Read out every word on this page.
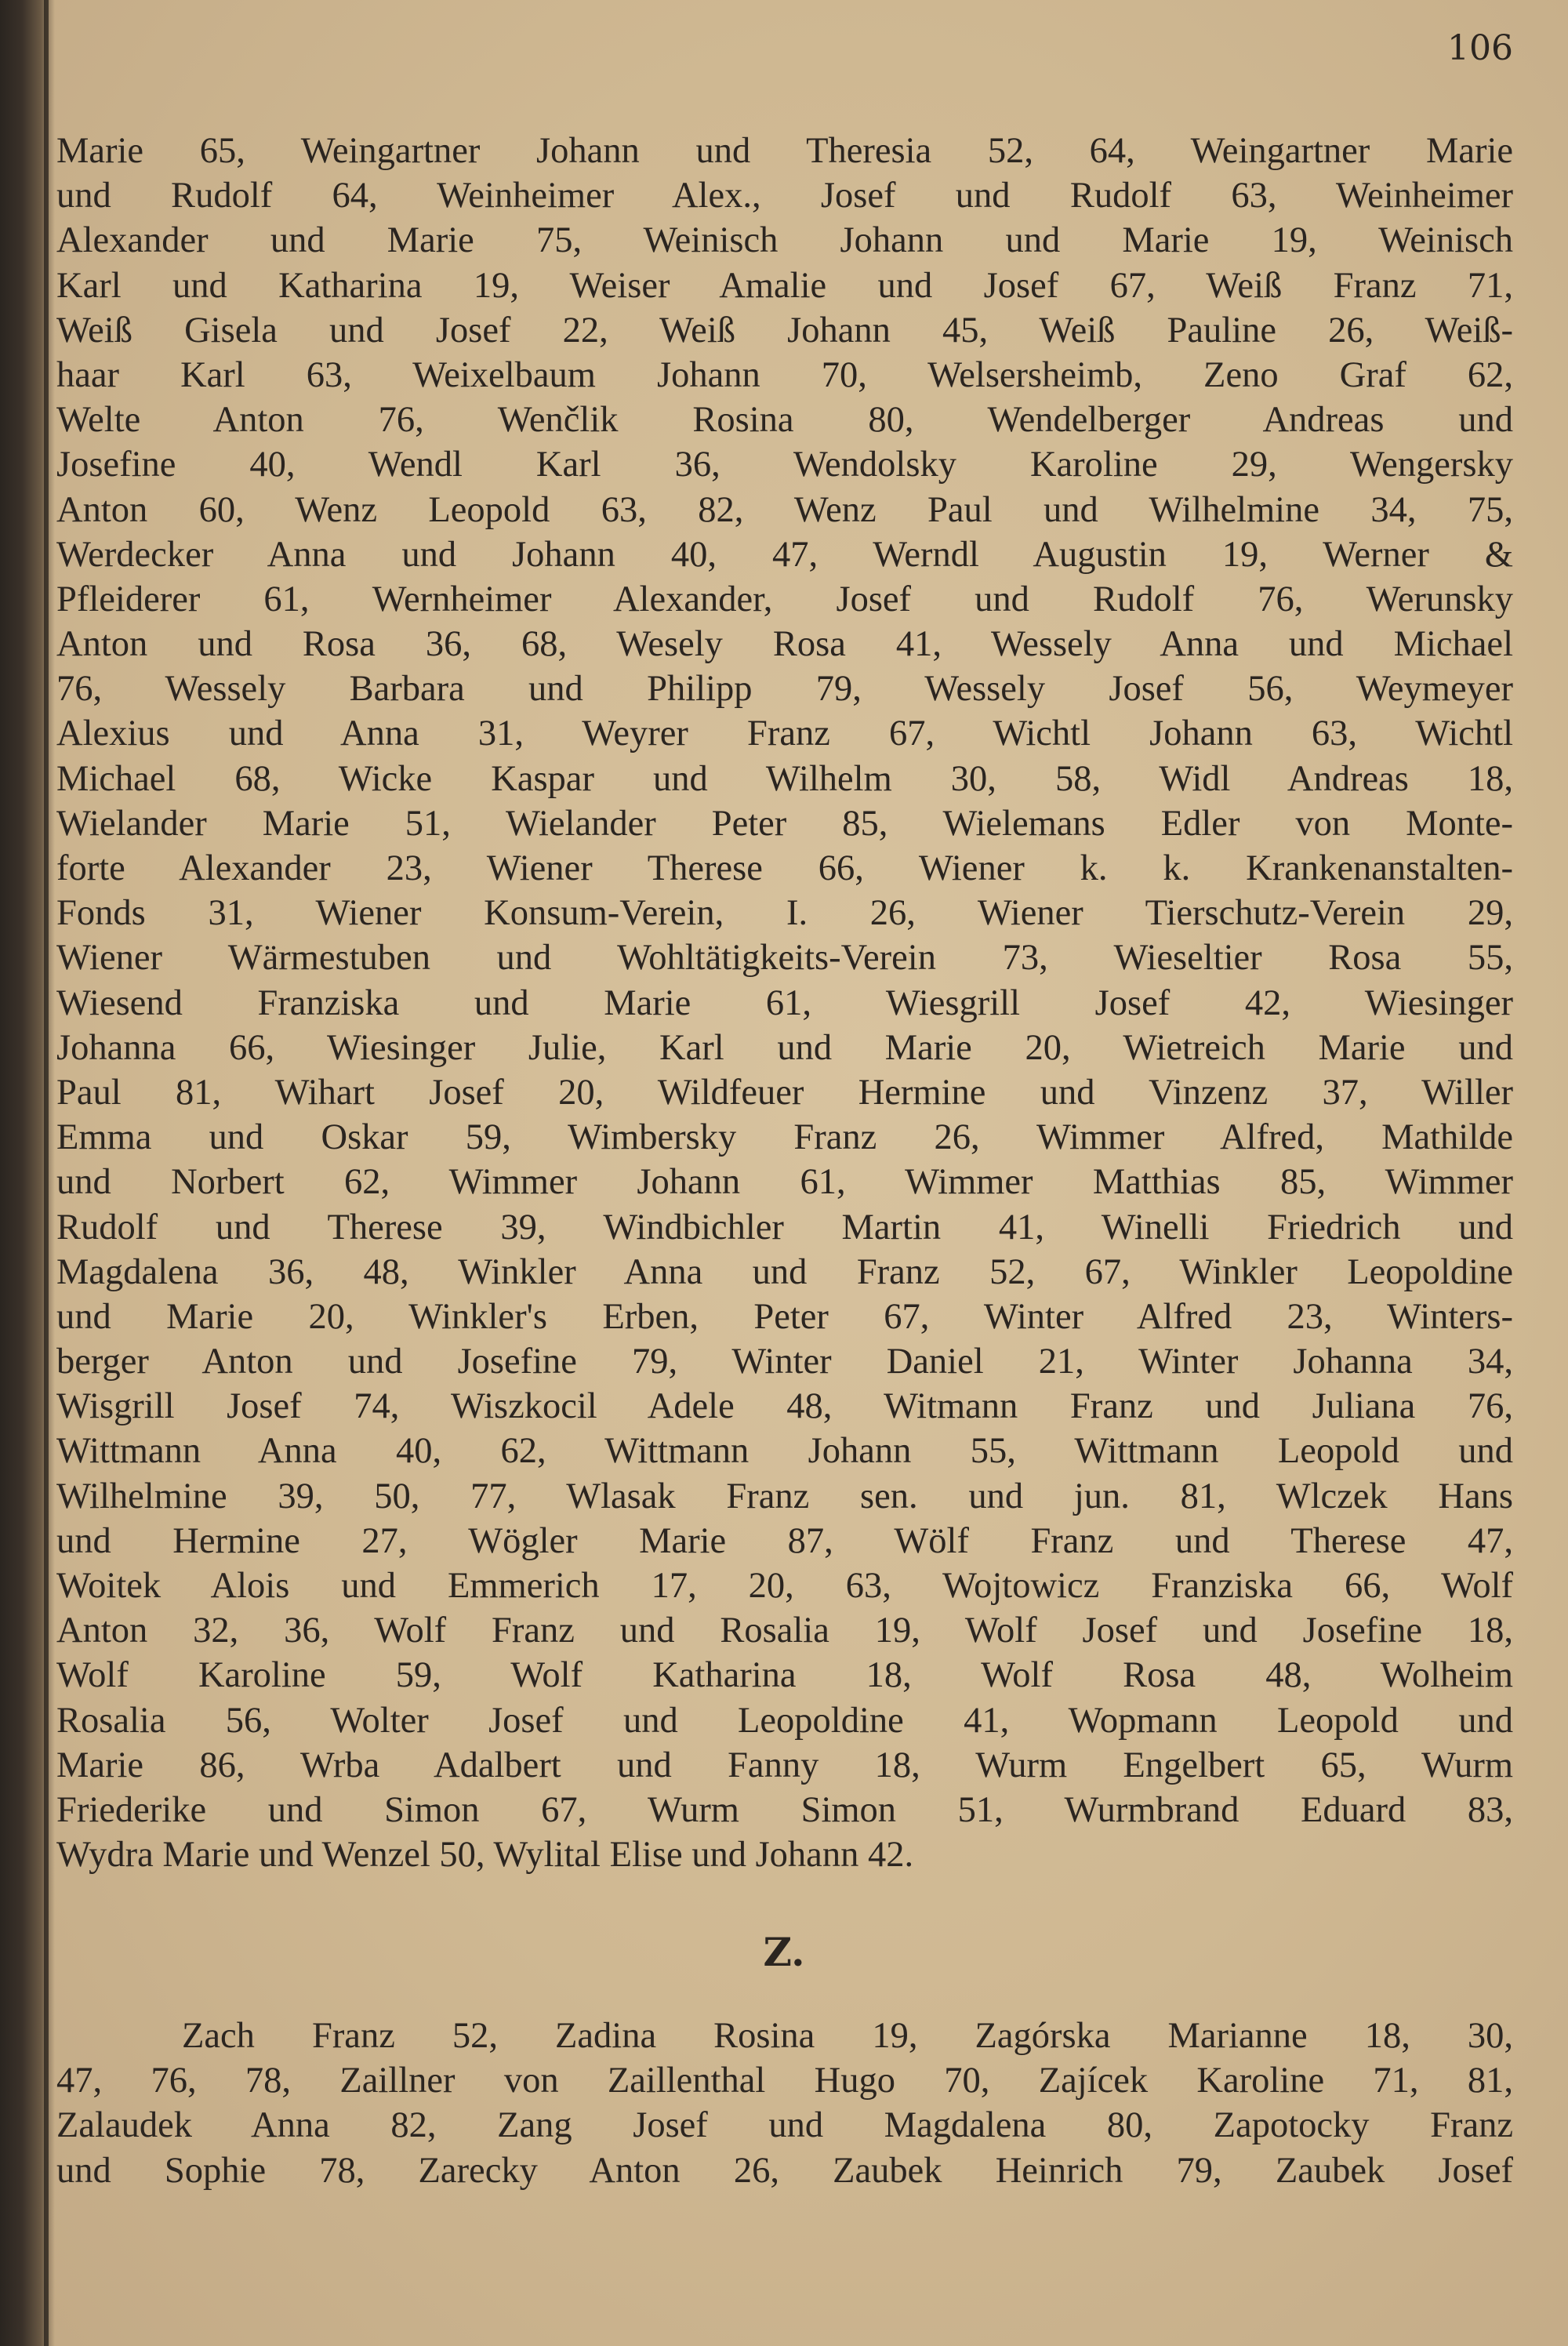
106
Marie 65, Weingartner Johann und Theresia 52, 64, Weingartner Marie
und Rudolf 64, Weinheimer Alex., Josef und Rudolf 63, Weinheimer
Alexander und Marie 75, Weinisch Johann und Marie 19, Weinisch
Karl und Katharina 19, Weiser Amalie und Josef 67, Weiß Franz 71,
Weiß Gisela und Josef 22, Weiß Johann 45, Weiß Pauline 26, Weiß-
haar Karl 63, Weixelbaum Johann 70, Welsersheimb, Zeno Graf 62,
Welte Anton 76, Wenčlik Rosina 80, Wendelberger Andreas und
Josefine 40, Wendl Karl 36, Wendolsky Karoline 29, Wengersky
Anton 60, Wenz Leopold 63, 82, Wenz Paul und Wilhelmine 34, 75,
Werdecker Anna und Johann 40, 47, Werndl Augustin 19, Werner &
Pfleiderer 61, Wernheimer Alexander, Josef und Rudolf 76, Werunsky
Anton und Rosa 36, 68, Wesely Rosa 41, Wessely Anna und Michael
76, Wessely Barbara und Philipp 79, Wessely Josef 56, Weymeyer
Alexius und Anna 31, Weyrer Franz 67, Wichtl Johann 63, Wichtl
Michael 68, Wicke Kaspar und Wilhelm 30, 58, Widl Andreas 18,
Wielander Marie 51, Wielander Peter 85, Wielemans Edler von Monte-
forte Alexander 23, Wiener Therese 66, Wiener k. k. Krankenanstalten-
Fonds 31, Wiener Konsum-Verein, I. 26, Wiener Tierschutz-Verein 29,
Wiener Wärmestuben und Wohltätigkeits-Verein 73, Wieseltier Rosa 55,
Wiesend Franziska und Marie 61, Wiesgrill Josef 42, Wiesinger
Johanna 66, Wiesinger Julie, Karl und Marie 20, Wietreich Marie und
Paul 81, Wihart Josef 20, Wildfeuer Hermine und Vinzenz 37, Willer
Emma und Oskar 59, Wimbersky Franz 26, Wimmer Alfred, Mathilde
und Norbert 62, Wimmer Johann 61, Wimmer Matthias 85, Wimmer
Rudolf und Therese 39, Windbichler Martin 41, Winelli Friedrich und
Magdalena 36, 48, Winkler Anna und Franz 52, 67, Winkler Leopoldine
und Marie 20, Winkler's Erben, Peter 67, Winter Alfred 23, Winters-
berger Anton und Josefine 79, Winter Daniel 21, Winter Johanna 34,
Wisgrill Josef 74, Wiszkocil Adele 48, Witmann Franz und Juliana 76,
Wittmann Anna 40, 62, Wittmann Johann 55, Wittmann Leopold und
Wilhelmine 39, 50, 77, Wlasak Franz sen. und jun. 81, Wlczek Hans
und Hermine 27, Wögler Marie 87, Wölf Franz und Therese 47,
Woitek Alois und Emmerich 17, 20, 63, Wojtowicz Franziska 66, Wolf
Anton 32, 36, Wolf Franz und Rosalia 19, Wolf Josef und Josefine 18,
Wolf Karoline 59, Wolf Katharina 18, Wolf Rosa 48, Wolheim
Rosalia 56, Wolter Josef und Leopoldine 41, Wopmann Leopold und
Marie 86, Wrba Adalbert und Fanny 18, Wurm Engelbert 65, Wurm
Friederike und Simon 67, Wurm Simon 51, Wurmbrand Eduard 83,
Wydra Marie und Wenzel 50, Wylital Elise und Johann 42.
Z.
Zach Franz 52, Zadina Rosina 19, Zagórska Marianne 18, 30,
47, 76, 78, Zaillner von Zaillenthal Hugo 70, Zajícek Karoline 71, 81,
Zalaudek Anna 82, Zang Josef und Magdalena 80, Zapotocky Franz
und Sophie 78, Zarecky Anton 26, Zaubek Heinrich 79, Zaubek Josef
